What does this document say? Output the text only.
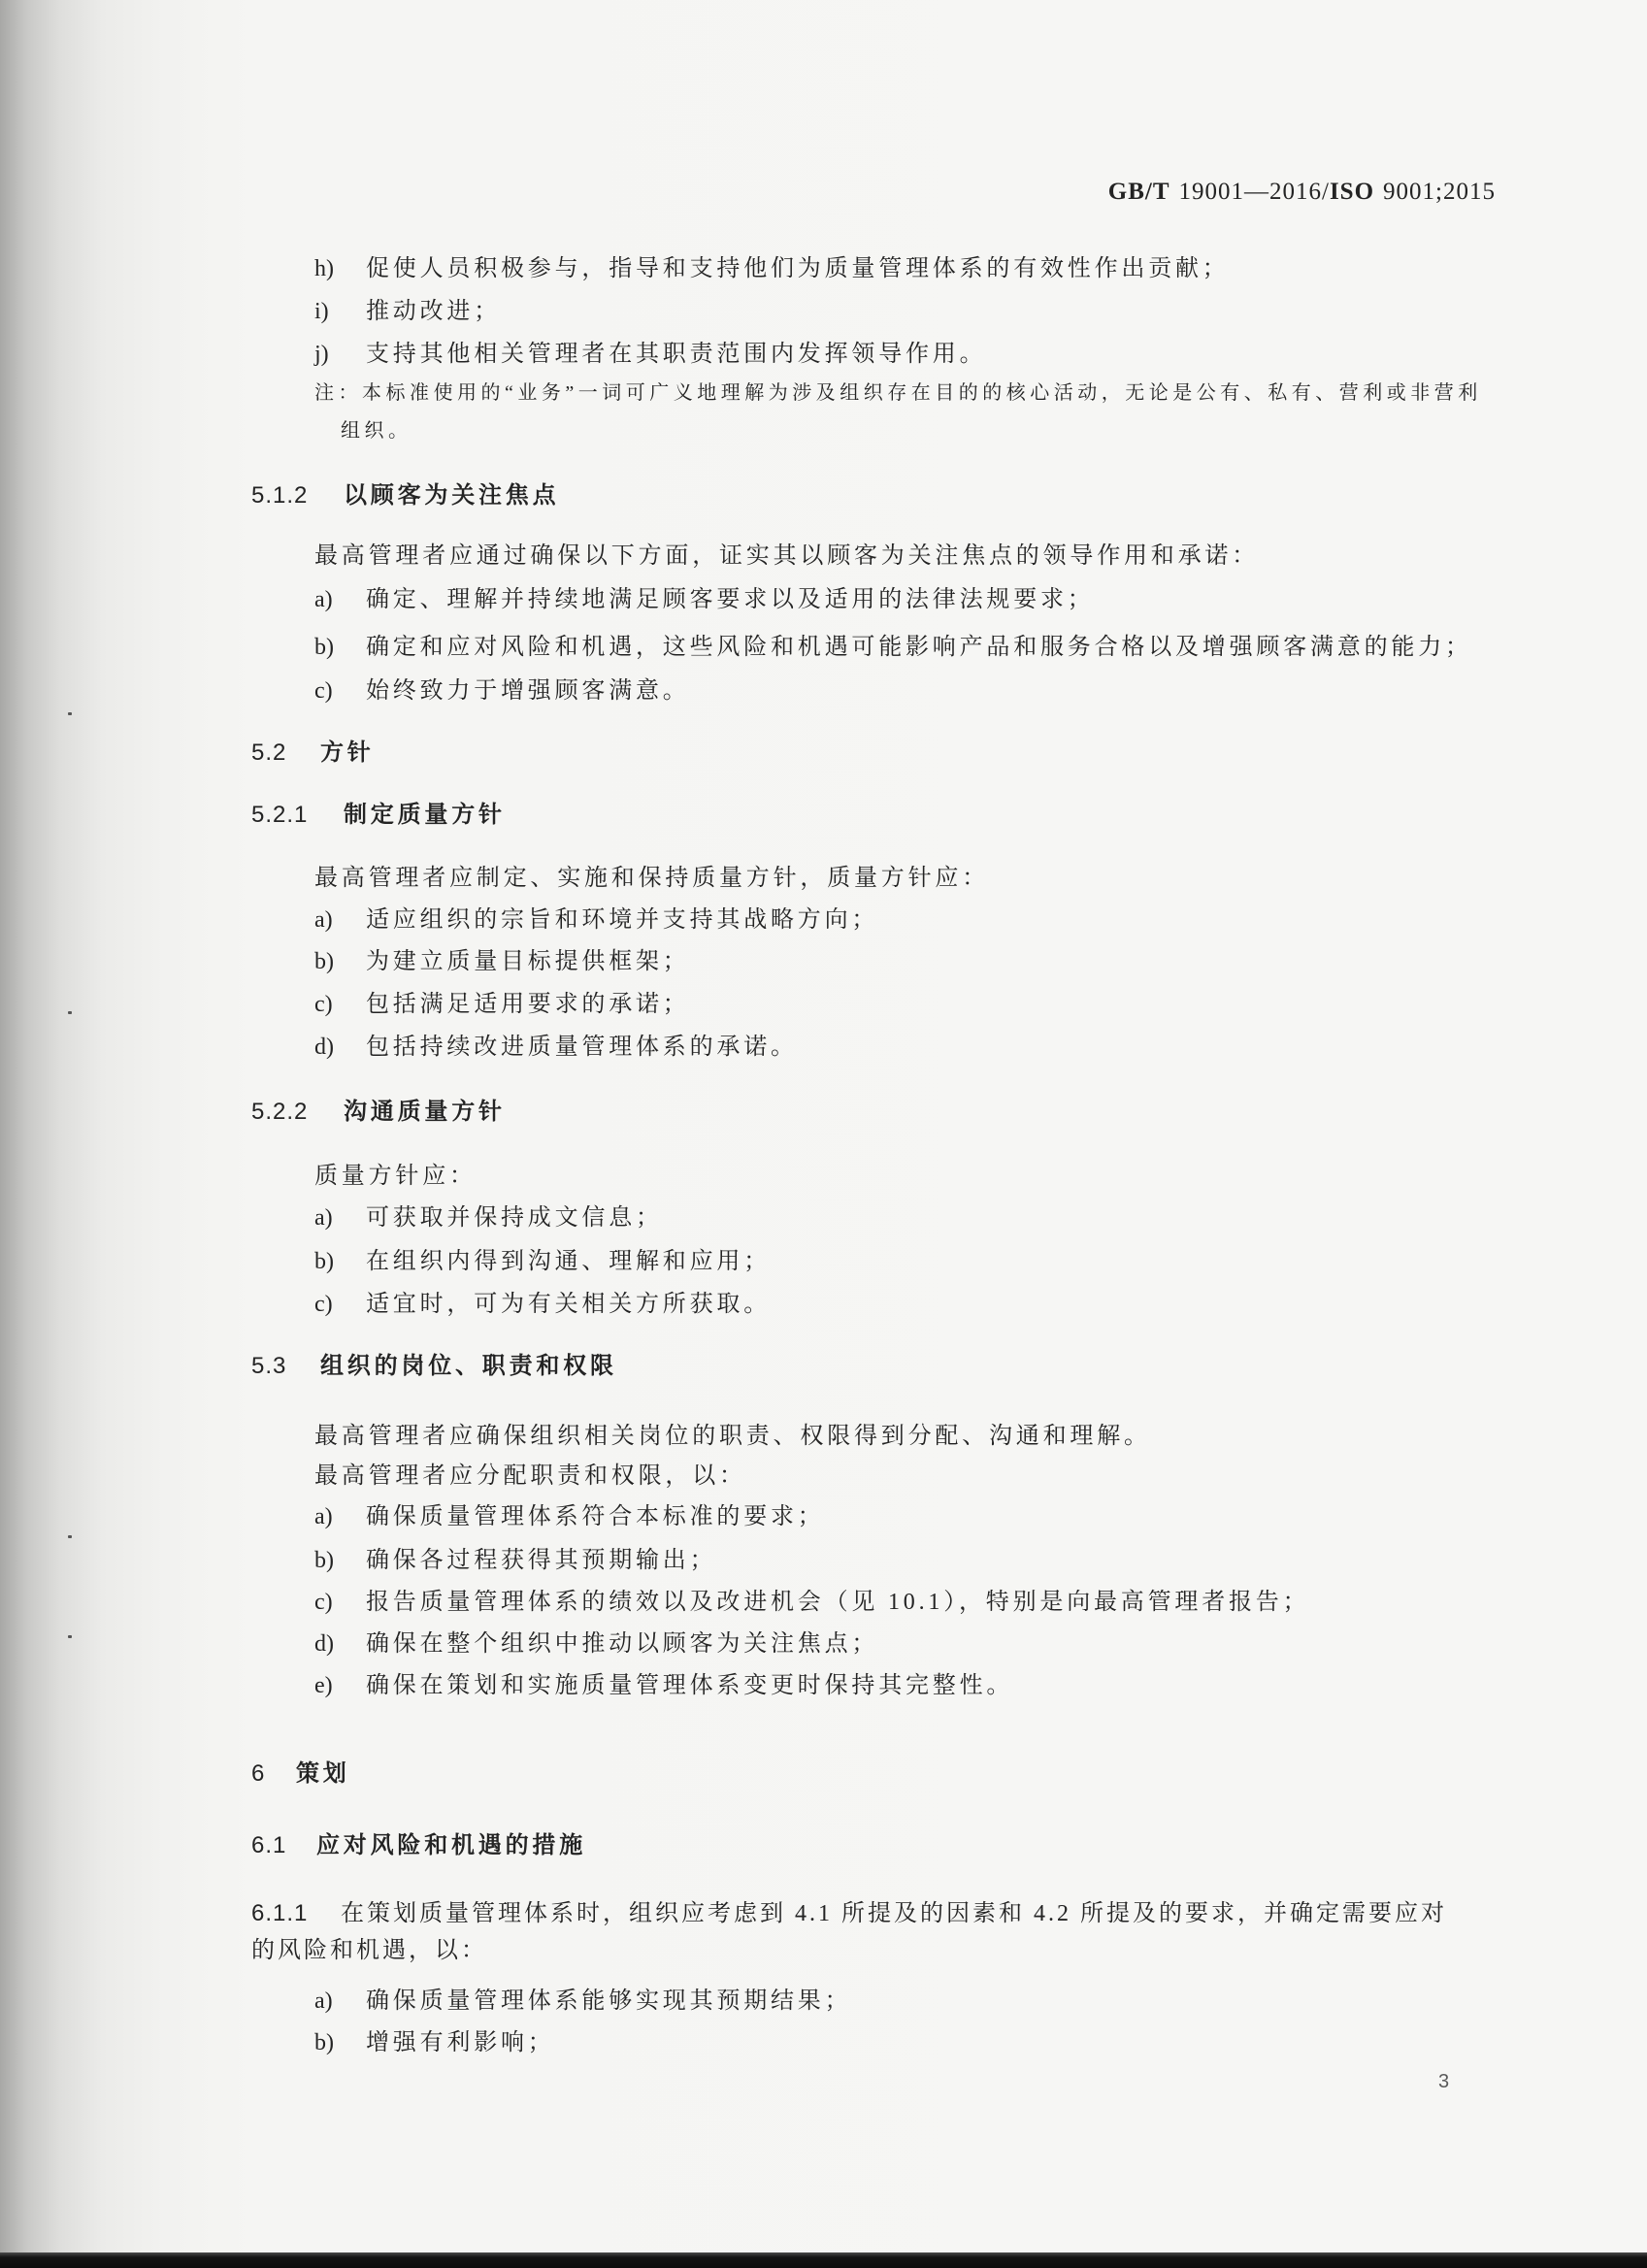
GB/T 19001—2016/ISO 9001;2015
h) 促使人员积极参与，指导和支持他们为质量管理体系的有效性作出贡献；
i) 推动改进；
j) 支持其他相关管理者在其职责范围内发挥领导作用。
注：本标准使用的“业务”一词可广义地理解为涉及组织存在目的的核心活动，无论是公有、私有、营利或非营利
组织。
5.1.2 以顾客为关注焦点
最高管理者应通过确保以下方面，证实其以顾客为关注焦点的领导作用和承诺：
a) 确定、理解并持续地满足顾客要求以及适用的法律法规要求；
b) 确定和应对风险和机遇，这些风险和机遇可能影响产品和服务合格以及增强顾客满意的能力；
c) 始终致力于增强顾客满意。
5.2 方针
5.2.1 制定质量方针
最高管理者应制定、实施和保持质量方针，质量方针应：
a) 适应组织的宗旨和环境并支持其战略方向；
b) 为建立质量目标提供框架；
c) 包括满足适用要求的承诺；
d) 包括持续改进质量管理体系的承诺。
5.2.2 沟通质量方针
质量方针应：
a) 可获取并保持成文信息；
b) 在组织内得到沟通、理解和应用；
c) 适宜时，可为有关相关方所获取。
5.3 组织的岗位、职责和权限
最高管理者应确保组织相关岗位的职责、权限得到分配、沟通和理解。
最高管理者应分配职责和权限，以：
a) 确保质量管理体系符合本标准的要求；
b) 确保各过程获得其预期输出；
c) 报告质量管理体系的绩效以及改进机会（见 10.1），特别是向最高管理者报告；
d) 确保在整个组织中推动以顾客为关注焦点；
e) 确保在策划和实施质量管理体系变更时保持其完整性。
6 策划
6.1 应对风险和机遇的措施
6.1.1 在策划质量管理体系时，组织应考虑到 4.1 所提及的因素和 4.2 所提及的要求，并确定需要应对
的风险和机遇，以：
a) 确保质量管理体系能够实现其预期结果；
b) 增强有利影响；
3
